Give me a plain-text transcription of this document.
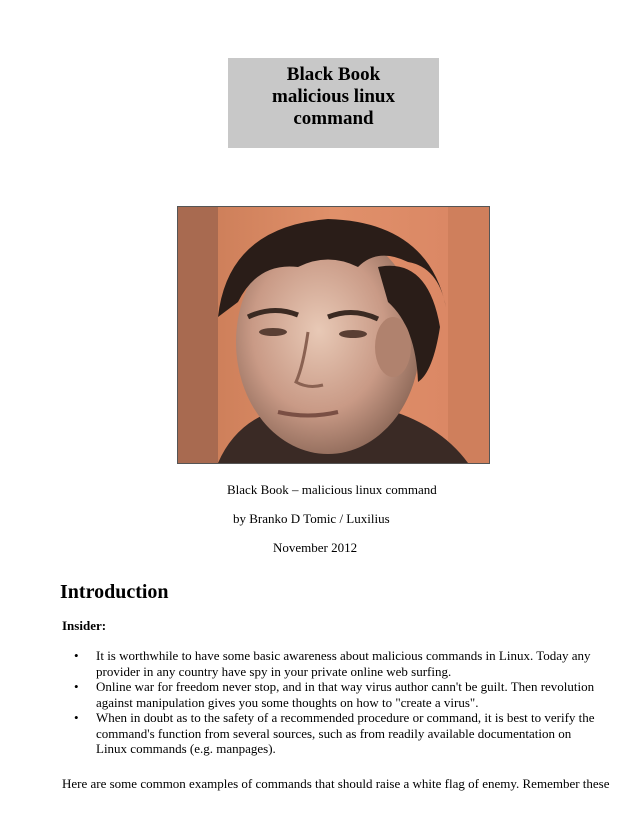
Black Book
malicious linux
command
Black Book – malicious linux command
by Branko D Tomic / Luxilius
November 2012
Introduction
Insider:
• It is worthwhile to have some basic awareness about malicious commands in Linux. Today any provider in any country have spy in your private online web surfing.
• Online war for freedom never stop, and in that way virus author cann't be guilt. Then revolution against manipulation gives you some thoughts on how to "create a virus".
• When in doubt as to the safety of a recommended procedure or command, it is best to verify the command's function from several sources, such as from readily available documentation on Linux commands (e.g. manpages).
Here are some common examples of commands that should raise a white flag of enemy. Remember these
